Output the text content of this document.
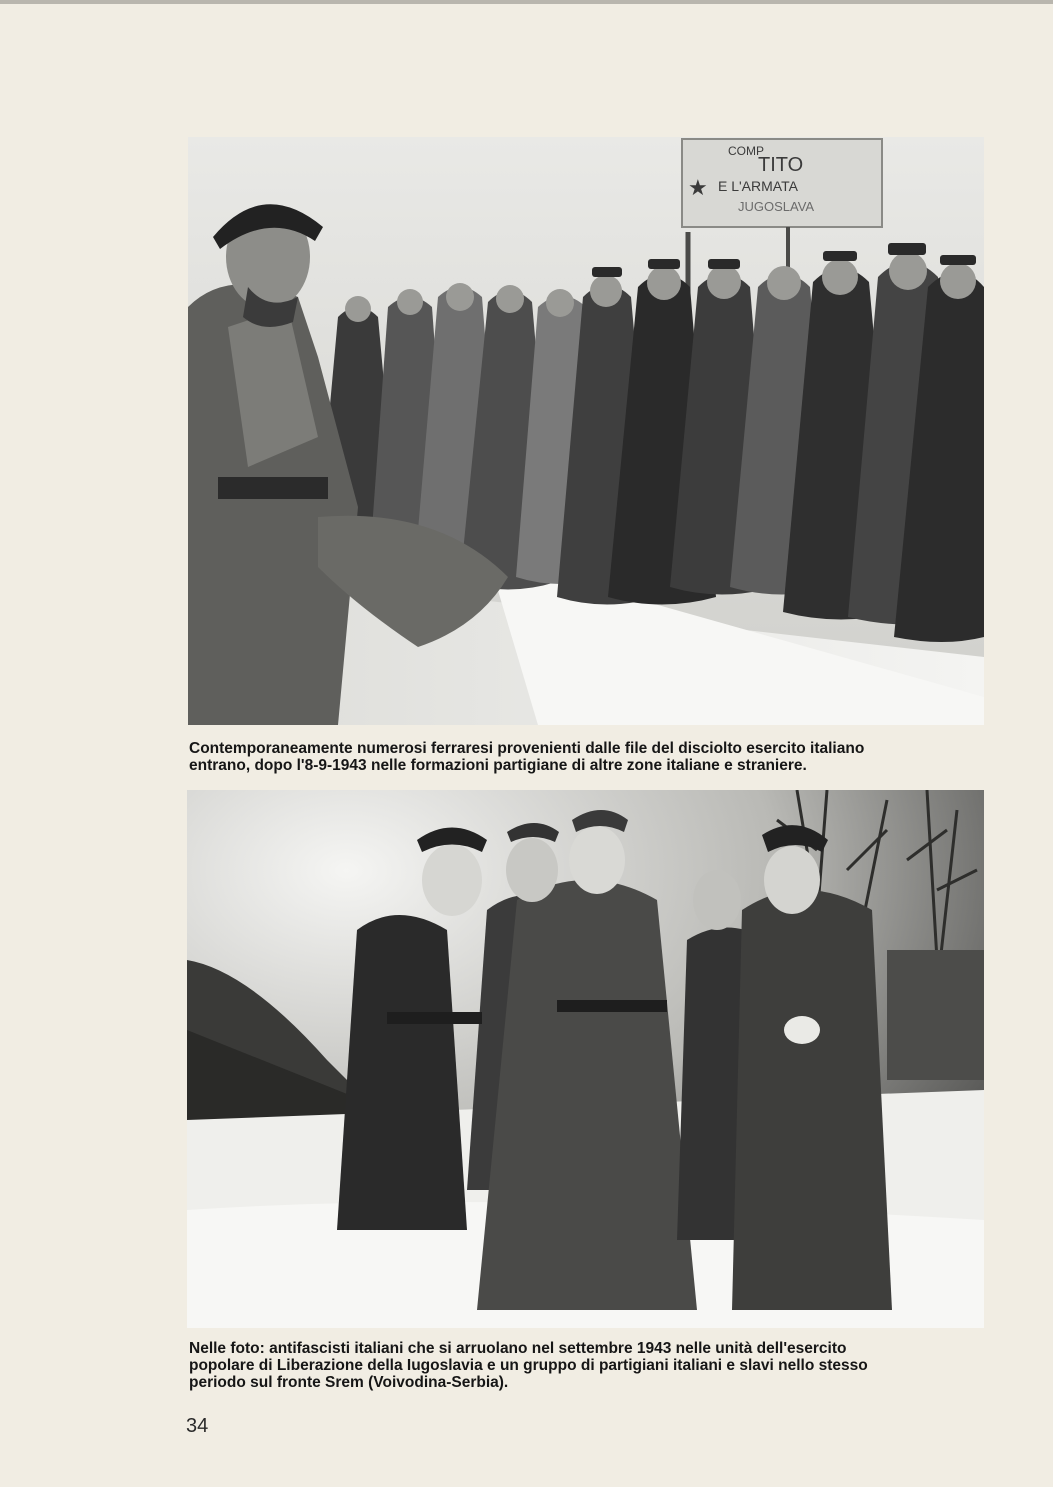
COMP
TITO
E L'ARMATA
JUGOSLAVA
★

Contemporaneamente numerosi ferraresi provenienti dalle file del disciolto esercito italiano
entrano, dopo l'8-9-1943 nelle formazioni partigiane di altre zone italiane e straniere.

Nelle foto: antifascisti italiani che si arruolano nel settembre 1943 nelle unità dell'esercito
popolare di Liberazione della Iugoslavia e un gruppo di partigiani italiani e slavi nello stesso
periodo sul fronte Srem (Voivodina-Serbia).

34
